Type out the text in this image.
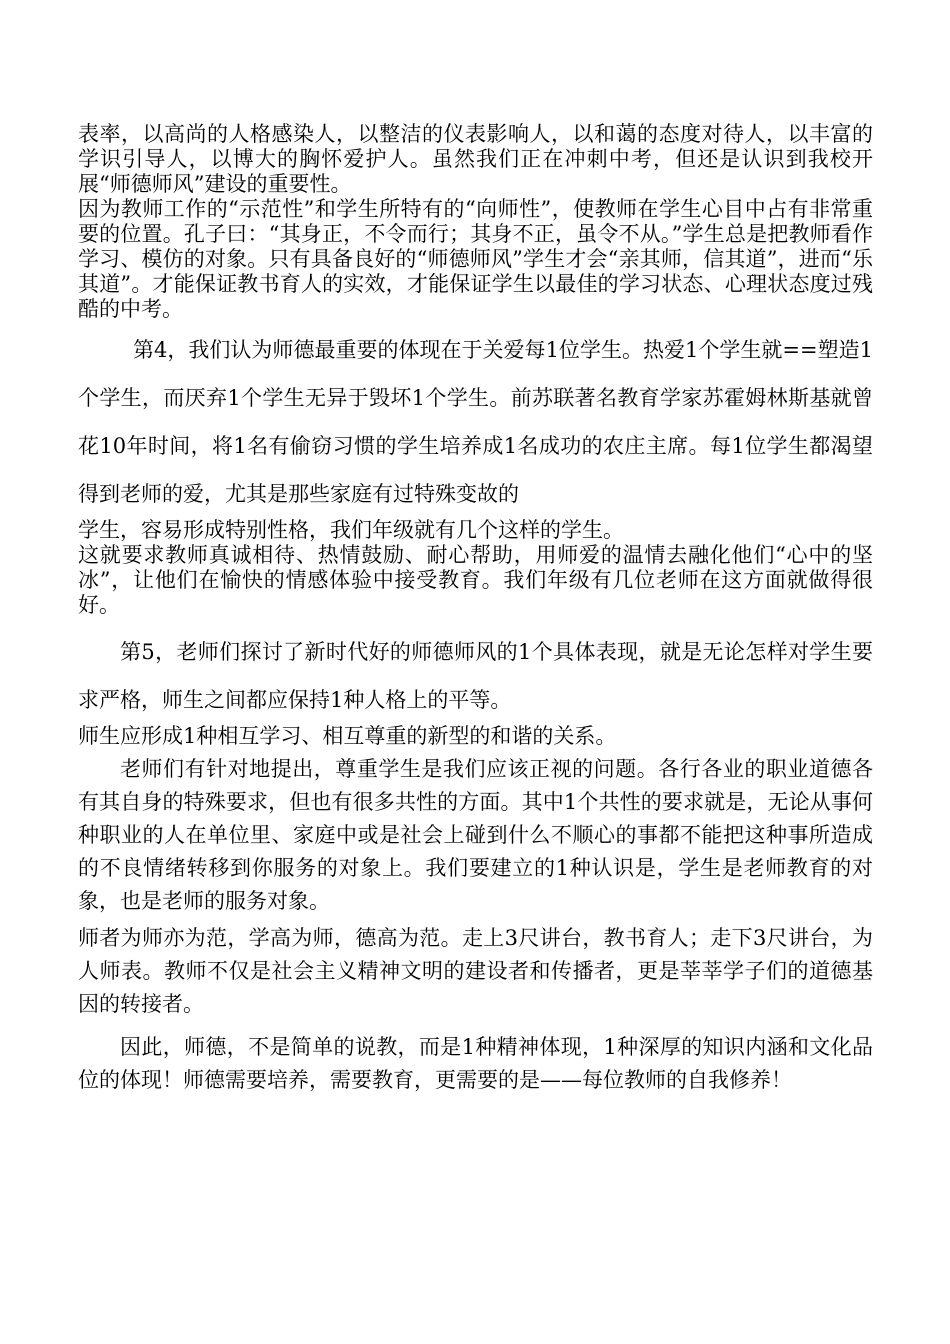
表率，以高尚的人格感染人，以整洁的仪表影响人，以和蔼的态度对待人，以丰富的学识引导人，以博大的胸怀爱护人。虽然我们正在冲刺中考，但还是认识到我校开展“师德师风”建设的重要性。

因为教师工作的“示范性”和学生所特有的“向师性”，使教师在学生心目中占有非常重要的位置。孔子曰：“其身正，不令而行；其身不正，虽令不从。”学生总是把教师看作学习、模仿的对象。只有具备良好的“师德师风”学生才会“亲其师，信其道”，进而“乐其道”。才能保证教书育人的实效，才能保证学生以最佳的学习状态、心理状态度过残酷的中考。

第4，我们认为师德最重要的体现在于关爱每1位学生。热爱1个学生就==塑造1个学生，而厌弃1个学生无异于毁坏1个学生。前苏联著名教育学家苏霍姆林斯基就曾花10年时间，将1名有偷窃习惯的学生培养成1名成功的农庄主席。每1位学生都渴望得到老师的爱，尤其是那些家庭有过特殊变故的

学生，容易形成特别性格，我们年级就有几个这样的学生。

这就要求教师真诚相待、热情鼓励、耐心帮助，用师爱的温情去融化他们“心中的坚冰”，让他们在愉快的情感体验中接受教育。我们年级有几位老师在这方面就做得很好。

第5，老师们探讨了新时代好的师德师风的1个具体表现，就是无论怎样对学生要求严格，师生之间都应保持1种人格上的平等。

师生应形成1种相互学习、相互尊重的新型的和谐的关系。

老师们有针对地提出，尊重学生是我们应该正视的问题。各行各业的职业道德各有其自身的特殊要求，但也有很多共性的方面。其中1个共性的要求就是，无论从事何种职业的人在单位里、家庭中或是社会上碰到什么不顺心的事都不能把这种事所造成的不良情绪转移到你服务的对象上。我们要建立的1种认识是，学生是老师教育的对象，也是老师的服务对象。

师者为师亦为范，学高为师，德高为范。走上3尺讲台，教书育人；走下3尺讲台，为人师表。教师不仅是社会主义精神文明的建设者和传播者，更是莘莘学子们的道德基因的转接者。

因此，师德，不是简单的说教，而是1种精神体现，1种深厚的知识内涵和文化品位的体现！师德需要培养，需要教育，更需要的是——每位教师的自我修养！
